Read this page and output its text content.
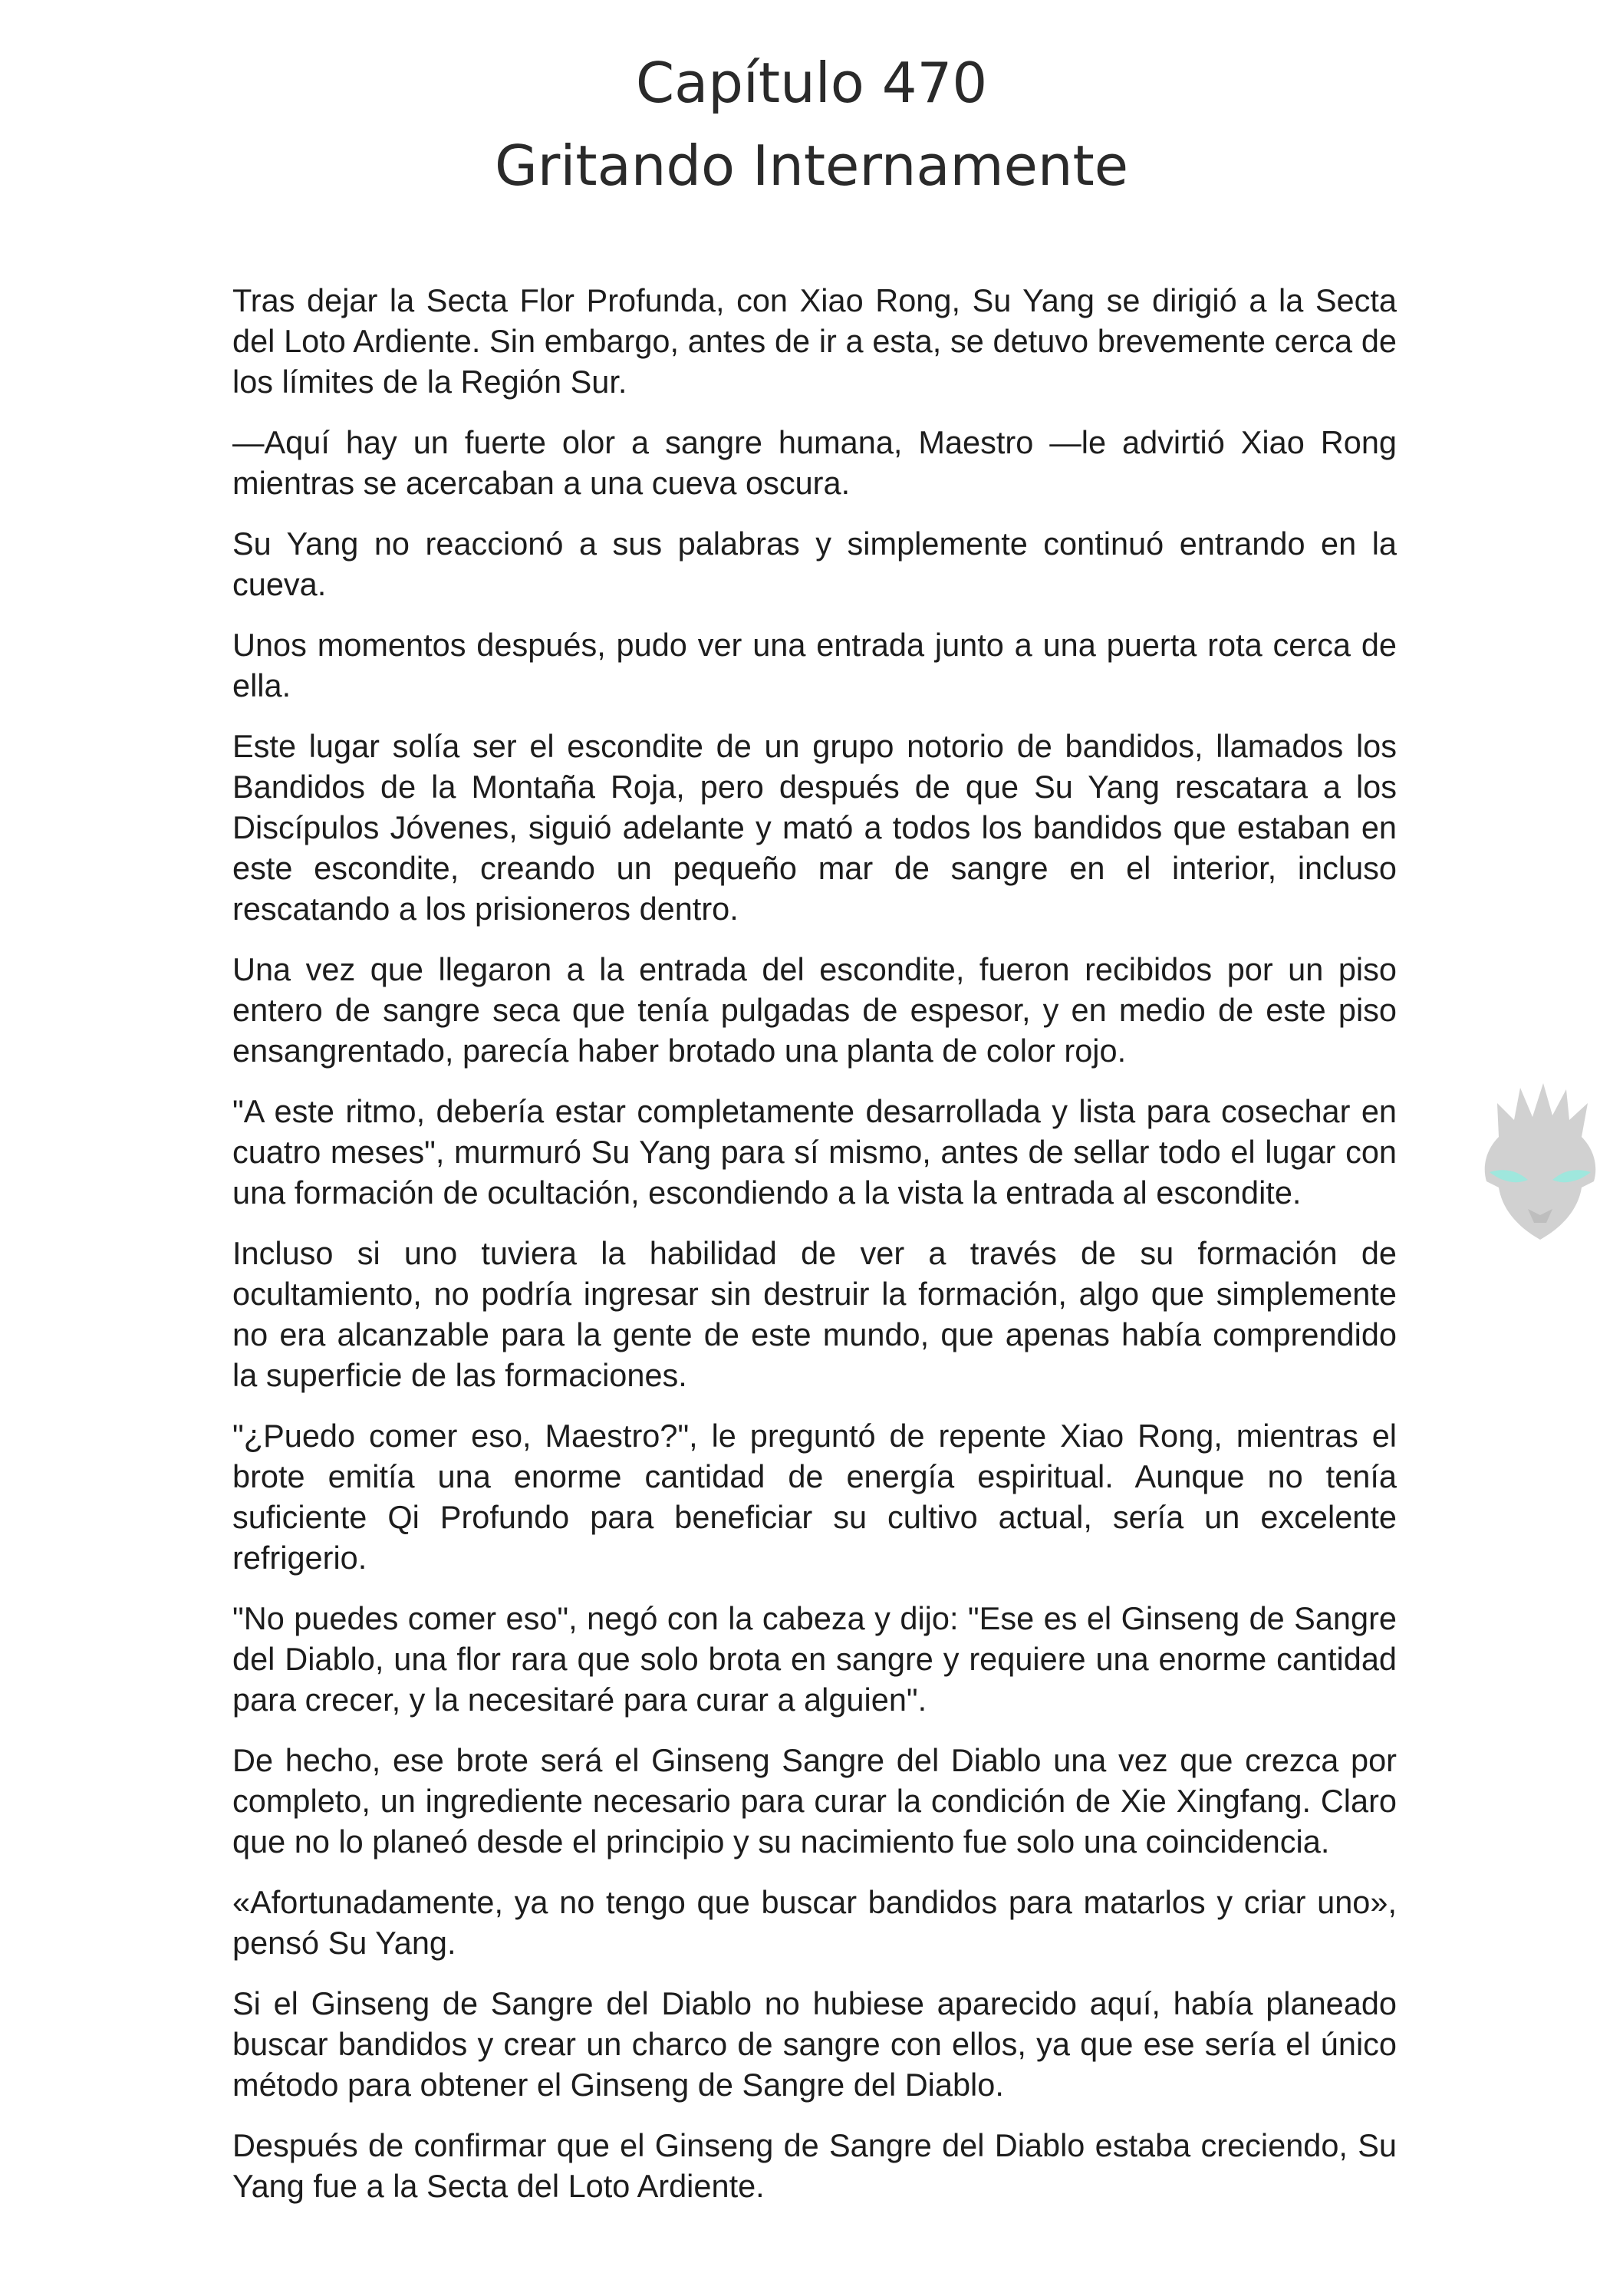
Capítulo 470
Gritando Internamente

Tras dejar la Secta Flor Profunda, con Xiao Rong, Su Yang se dirigió a la Secta del Loto Ardiente. Sin embargo, antes de ir a esta, se detuvo brevemente cerca de los límites de la Región Sur.

—Aquí hay un fuerte olor a sangre humana, Maestro —le advirtió Xiao Rong mientras se acercaban a una cueva oscura.

Su Yang no reaccionó a sus palabras y simplemente continuó entrando en la cueva.

Unos momentos después, pudo ver una entrada junto a una puerta rota cerca de ella.

Este lugar solía ser el escondite de un grupo notorio de bandidos, llamados los Bandidos de la Montaña Roja, pero después de que Su Yang rescatara a los Discípulos Jóvenes, siguió adelante y mató a todos los bandidos que estaban en este escondite, creando un pequeño mar de sangre en el interior, incluso rescatando a los prisioneros dentro.

Una vez que llegaron a la entrada del escondite, fueron recibidos por un piso entero de sangre seca que tenía pulgadas de espesor, y en medio de este piso ensangrentado, parecía haber brotado una planta de color rojo.

"A este ritmo, debería estar completamente desarrollada y lista para cosechar en cuatro meses", murmuró Su Yang para sí mismo, antes de sellar todo el lugar con una formación de ocultación, escondiendo a la vista la entrada al escondite.

Incluso si uno tuviera la habilidad de ver a través de su formación de ocultamiento, no podría ingresar sin destruir la formación, algo que simplemente no era alcanzable para la gente de este mundo, que apenas había comprendido la superficie de las formaciones.

"¿Puedo comer eso, Maestro?", le preguntó de repente Xiao Rong, mientras el brote emitía una enorme cantidad de energía espiritual. Aunque no tenía suficiente Qi Profundo para beneficiar su cultivo actual, sería un excelente refrigerio.

"No puedes comer eso", negó con la cabeza y dijo: "Ese es el Ginseng de Sangre del Diablo, una flor rara que solo brota en sangre y requiere una enorme cantidad para crecer, y la necesitaré para curar a alguien".

De hecho, ese brote será el Ginseng Sangre del Diablo una vez que crezca por completo, un ingrediente necesario para curar la condición de Xie Xingfang. Claro que no lo planeó desde el principio y su nacimiento fue solo una coincidencia.

«Afortunadamente, ya no tengo que buscar bandidos para matarlos y criar uno», pensó Su Yang.

Si el Ginseng de Sangre del Diablo no hubiese aparecido aquí, había planeado buscar bandidos y crear un charco de sangre con ellos, ya que ese sería el único método para obtener el Ginseng de Sangre del Diablo.

Después de confirmar que el Ginseng de Sangre del Diablo estaba creciendo, Su Yang fue a la Secta del Loto Ardiente.
